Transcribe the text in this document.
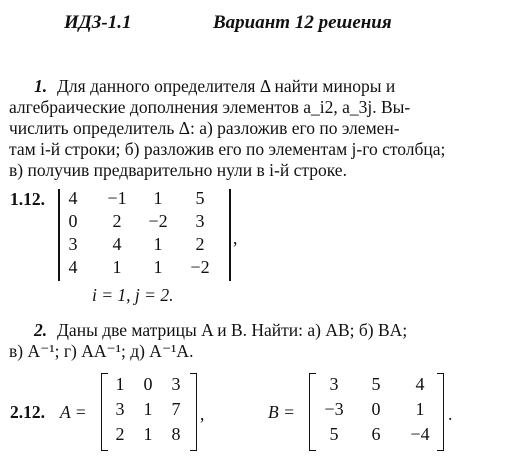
ИДЗ-1.1	Вариант 12 решения
1. Для данного определителя Δ найти миноры и
алгебраические дополнения элементов a_i2, a_3j. Вы-
числить определитель Δ: а) разложив его по элемен-
там i-й строки; б) разложив его по элементам j-го столбца;
в) получив предварительно нули в i-й строке.
1.12.	4	−1	1	5
0	2	−2	3
3	4	1	2
4	1	1	−2
,
i = 1, j = 2.
2. Даны две матрицы A и B. Найти: а) AB; б) BA;
в) A⁻¹; г) AA⁻¹; д) A⁻¹A.
2.12. A =
1	0	3
3	1	7
2	1	8
,	B =
3	5	4
−3	0	1
5	6	−4
.
